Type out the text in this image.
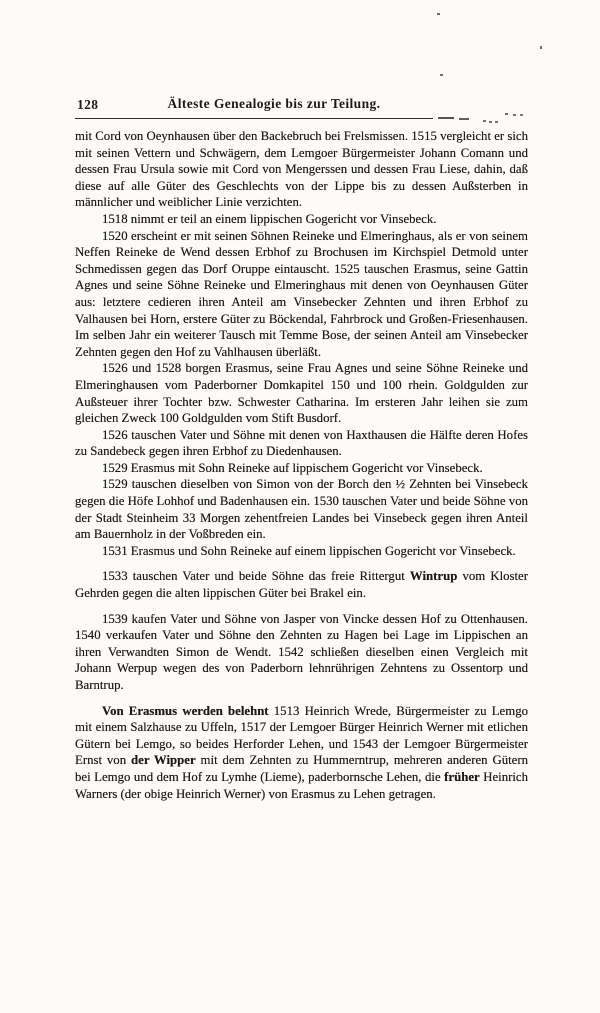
128	Älteste Genealogie bis zur Teilung.

mit Cord von Oeynhausen über den Backebruch bei Frelsmissen. 1515 vergleicht er sich mit seinen Vettern und Schwägern, dem Lemgoer Bürgermeister Johann Comann und dessen Frau Ursula sowie mit Cord von Mengerssen und dessen Frau Liese, dahin, daß diese auf alle Güter des Geschlechts von der Lippe bis zu dessen Außsterben in männlicher und weiblicher Linie verzichten.

1518 nimmt er teil an einem lippischen Gogericht vor Vinsebeck.

1520 erscheint er mit seinen Söhnen Reineke und Elmeringhaus, als er von seinem Neffen Reineke de Wend dessen Erbhof zu Brochusen im Kirchspiel Detmold unter Schmedissen gegen das Dorf Oruppe eintauscht. 1525 tauschen Erasmus, seine Gattin Agnes und seine Söhne Reineke und Elmeringhaus mit denen von Oeynhausen Güter aus: letztere cedieren ihren Anteil am Vinsebecker Zehnten und ihren Erbhof zu Valhausen bei Horn, erstere Güter zu Böckendal, Fahrbrock und Großen-Friesenhausen. Im selben Jahr ein weiterer Tausch mit Temme Bose, der seinen Anteil am Vinsebecker Zehnten gegen den Hof zu Vahlhausen überläßt.

1526 und 1528 borgen Erasmus, seine Frau Agnes und seine Söhne Reineke und Elmeringhausen vom Paderborner Domkapitel 150 und 100 rhein. Goldgulden zur Außsteuer ihrer Tochter bzw. Schwester Catharina. Im ersteren Jahr leihen sie zum gleichen Zweck 100 Goldgulden vom Stift Busdorf.

1526 tauschen Vater und Söhne mit denen von Haxthausen die Hälfte deren Hofes zu Sandebeck gegen ihren Erbhof zu Diedenhausen.

1529 Erasmus mit Sohn Reineke auf lippischem Gogericht vor Vinsebeck.

1529 tauschen dieselben von Simon von der Borch den ½ Zehnten bei Vinsebeck gegen die Höfe Lohhof und Badenhausen ein. 1530 tauschen Vater und beide Söhne von der Stadt Steinheim 33 Morgen zehentfreien Landes bei Vinsebeck gegen ihren Anteil am Bauernholz in der Voßbreden ein.

1531 Erasmus und Sohn Reineke auf einem lippischen Gogericht vor Vinsebeck.

1533 tauschen Vater und beide Söhne das freie Rittergut Wintrup vom Kloster Gehrden gegen die alten lippischen Güter bei Brakel ein.

1539 kaufen Vater und Söhne von Jasper von Vincke dessen Hof zu Ottenhausen. 1540 verkaufen Vater und Söhne den Zehnten zu Hagen bei Lage im Lippischen an ihren Verwandten Simon de Wendt. 1542 schließen dieselben einen Vergleich mit Johann Werpup wegen des von Paderborn lehnrührigen Zehntens zu Ossentorp und Barntrup.

Von Erasmus werden belehnt 1513 Heinrich Wrede, Bürgermeister zu Lemgo mit einem Salzhause zu Uffeln, 1517 der Lemgoer Bürger Heinrich Werner mit etlichen Gütern bei Lemgo, so beides Herforder Lehen, und 1543 der Lemgoer Bürgermeister Ernst von der Wipper mit dem Zehnten zu Hummerntrup, mehreren anderen Gütern bei Lemgo und dem Hof zu Lymhe (Lieme), paderbornsche Lehen, die früher Heinrich Warners (der obige Heinrich Werner) von Erasmus zu Lehen getragen.
